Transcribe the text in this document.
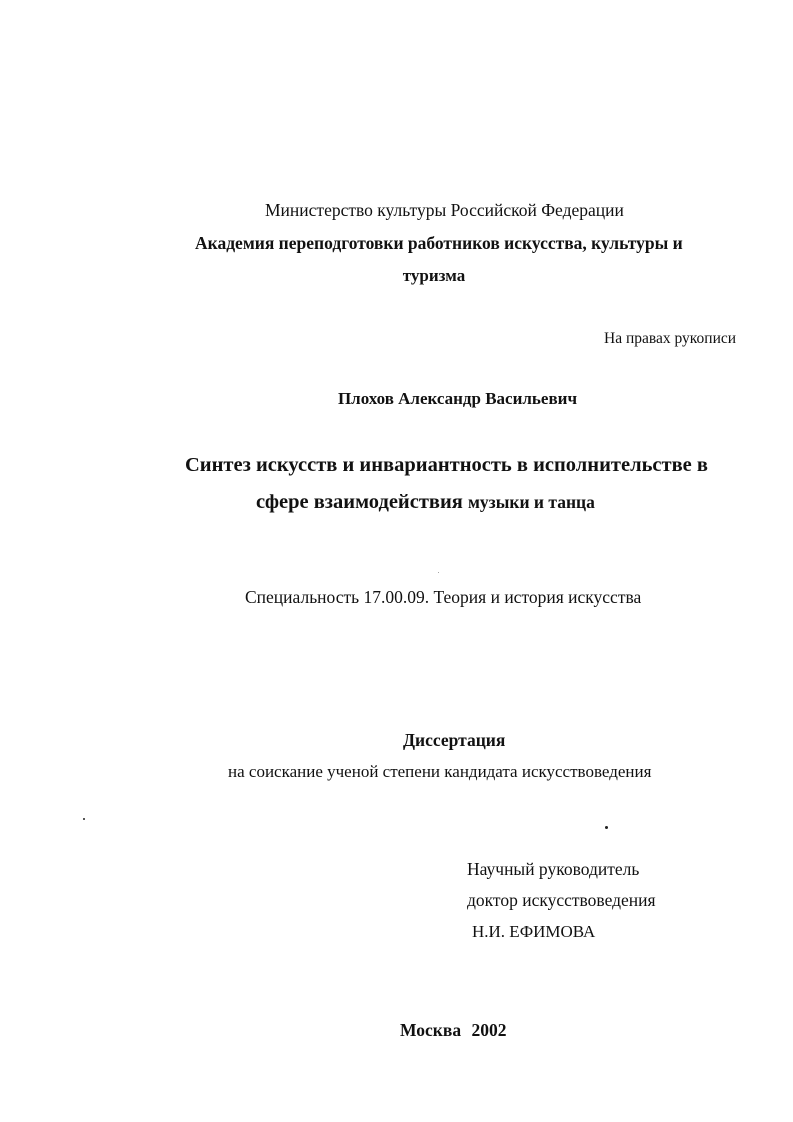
Министерство культуры Российской Федерации
Академия переподготовки работников искусства, культуры и
туризма
На правах рукописи
Плохов Александр Васильевич
Синтез искусств и инвариантность в исполнительстве в
сфере взаимодействия музыки и танца
Специальность 17.00.09. Теория и история искусства
Диссертация
на соискание ученой степени кандидата искусствоведения
Научный руководитель
доктор искусствоведения
Н.И. ЕФИМОВА
Москва 2002
